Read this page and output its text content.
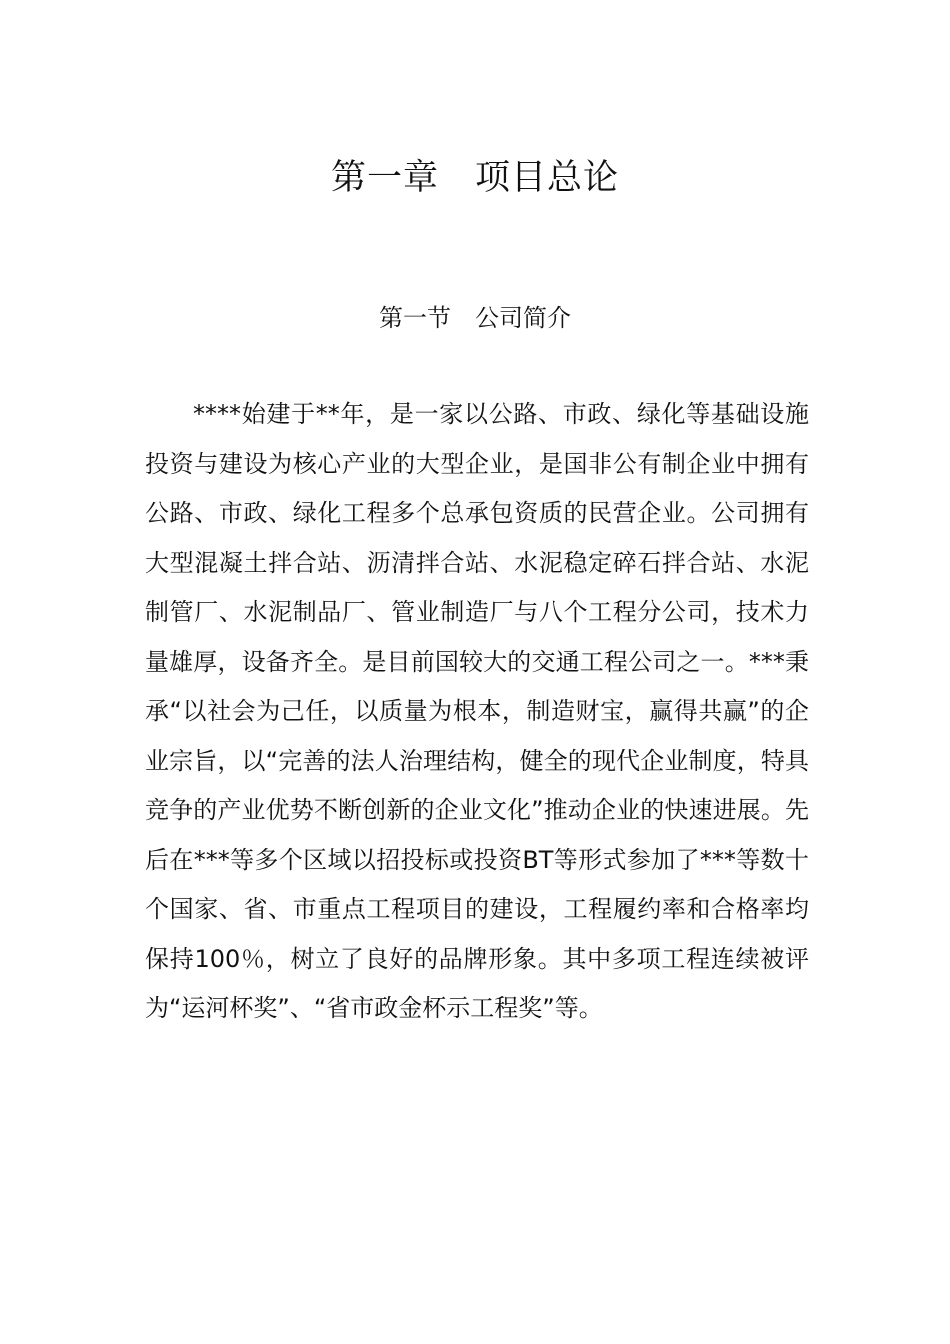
第一章　项目总论
第一节　公司简介

****始建于**年，是一家以公路、市政、绿化等基础设施投资与建设为核心产业的大型企业，是国非公有制企业中拥有公路、市政、绿化工程多个总承包资质的民营企业。公司拥有大型混凝土拌合站、沥清拌合站、水泥稳定碎石拌合站、水泥制管厂、水泥制品厂、管业制造厂与八个工程分公司，技术力量雄厚，设备齐全。是目前国较大的交通工程公司之一。***秉承“以社会为己任，以质量为根本，制造财宝，赢得共赢”的企业宗旨，以“完善的法人治理结构，健全的现代企业制度，特具竞争的产业优势不断创新的企业文化”推动企业的快速进展。先后在***等多个区域以招投标或投资BT等形式参加了***等数十个国家、省、市重点工程项目的建设，工程履约率和合格率均保持100％，树立了良好的品牌形象。其中多项工程连续被评为“运河杯奖”、“省市政金杯示工程奖”等。
